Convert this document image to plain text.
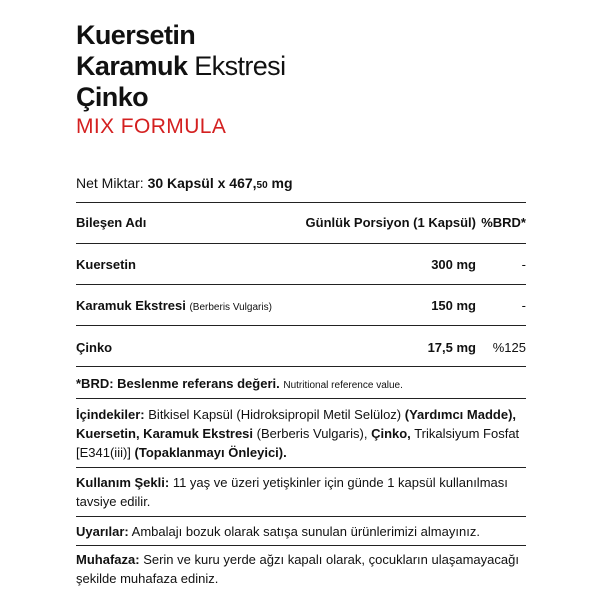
Kuersetin
Karamuk Ekstresi
Çinko
MIX FORMULA
Net Miktar: 30 Kapsül x 467,50 mg
Bileşen Adı	Günlük Porsiyon (1 Kapsül) %BRD*
Kuersetin	300 mg	-
Karamuk Ekstresi (Berberis Vulgaris)	150 mg	-
Çinko	17,5 mg %125
*BRD: Beslenme referans değeri. Nutritional reference value.
İçindekiler: Bitkisel Kapsül (Hidroksipropil Metil Selüloz) (Yardımcı Madde), Kuersetin, Karamuk Ekstresi (Berberis Vulgaris), Çinko, Trikalsiyum Fosfat [E341(iii)] (Topaklanmayı Önleyici).
Kullanım Şekli: 11 yaş ve üzeri yetişkinler için günde 1 kapsül kullanılması tavsiye edilir.
Uyarılar: Ambalajı bozuk olarak satışa sunulan ürünlerimizi almayınız.
Muhafaza: Serin ve kuru yerde ağzı kapalı olarak, çocukların ulaşamayacağı şekilde muhafaza ediniz.
